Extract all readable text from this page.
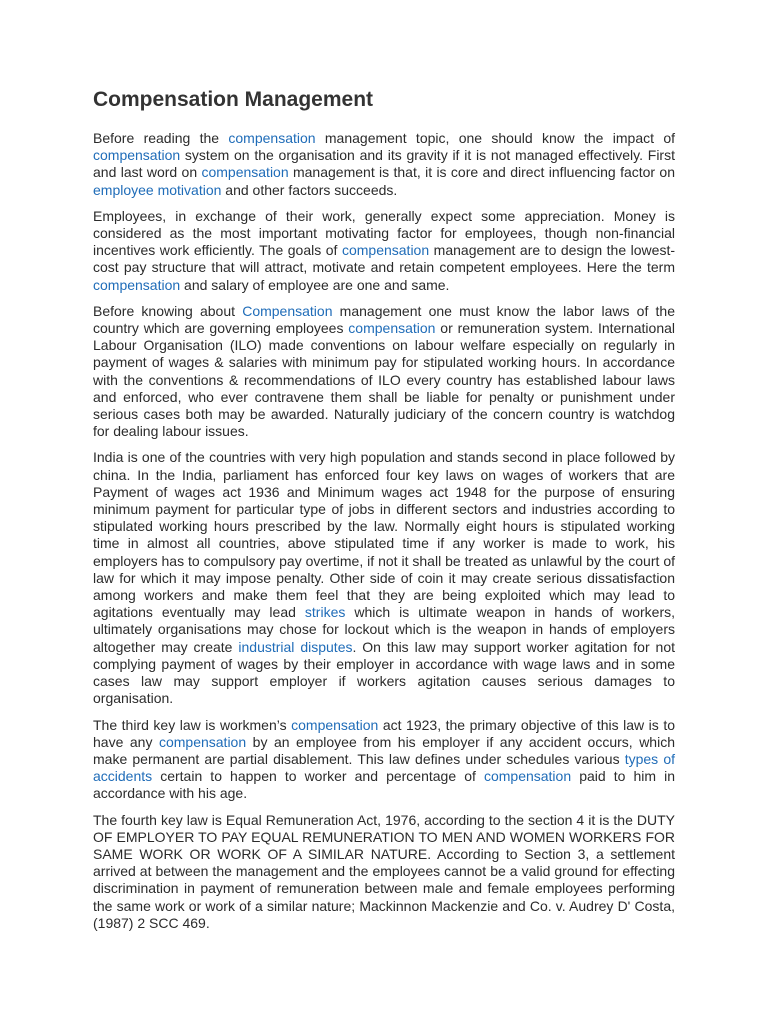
Compensation Management

Before reading the compensation management topic, one should know the impact of compensation system on the organisation and its gravity if it is not managed effectively. First and last word on compensation management is that, it is core and direct influencing factor on employee motivation and other factors succeeds.

Employees, in exchange of their work, generally expect some appreciation. Money is considered as the most important motivating factor for employees, though non-financial incentives work efficiently. The goals of compensation management are to design the lowest-cost pay structure that will attract, motivate and retain competent employees. Here the term compensation and salary of employee are one and same.

Before knowing about Compensation management one must know the labor laws of the country which are governing employees compensation or remuneration system. International Labour Organisation (ILO) made conventions on labour welfare especially on regularly in payment of wages & salaries with minimum pay for stipulated working hours. In accordance with the conventions & recommendations of ILO every country has established labour laws and enforced, who ever contravene them shall be liable for penalty or punishment under serious cases both may be awarded. Naturally judiciary of the concern country is watchdog for dealing labour issues.

India is one of the countries with very high population and stands second in place followed by china. In the India, parliament has enforced four key laws on wages of workers that are Payment of wages act 1936 and Minimum wages act 1948 for the purpose of ensuring minimum payment for particular type of jobs in different sectors and industries according to stipulated working hours prescribed by the law. Normally eight hours is stipulated working time in almost all countries, above stipulated time if any worker is made to work, his employers has to compulsory pay overtime, if not it shall be treated as unlawful by the court of law for which it may impose penalty. Other side of coin it may create serious dissatisfaction among workers and make them feel that they are being exploited which may lead to agitations eventually may lead strikes which is ultimate weapon in hands of workers, ultimately organisations may chose for lockout which is the weapon in hands of employers altogether may create industrial disputes. On this law may support worker agitation for not complying payment of wages by their employer in accordance with wage laws and in some cases law may support employer if workers agitation causes serious damages to organisation.

The third key law is workmen’s compensation act 1923, the primary objective of this law is to have any compensation by an employee from his employer if any accident occurs, which make permanent are partial disablement. This law defines under schedules various types of accidents certain to happen to worker and percentage of compensation paid to him in accordance with his age.

The fourth key law is Equal Remuneration Act, 1976, according to the section 4 it is the DUTY OF EMPLOYER TO PAY EQUAL REMUNERATION TO MEN AND WOMEN WORKERS FOR SAME WORK OR WORK OF A SIMILAR NATURE. According to Section 3, a settlement arrived at between the management and the employees cannot be a valid ground for effecting discrimination in payment of remuneration between male and female employees performing the same work or work of a similar nature; Mackinnon Mackenzie and Co. v. Audrey D' Costa, (1987) 2 SCC 469.
